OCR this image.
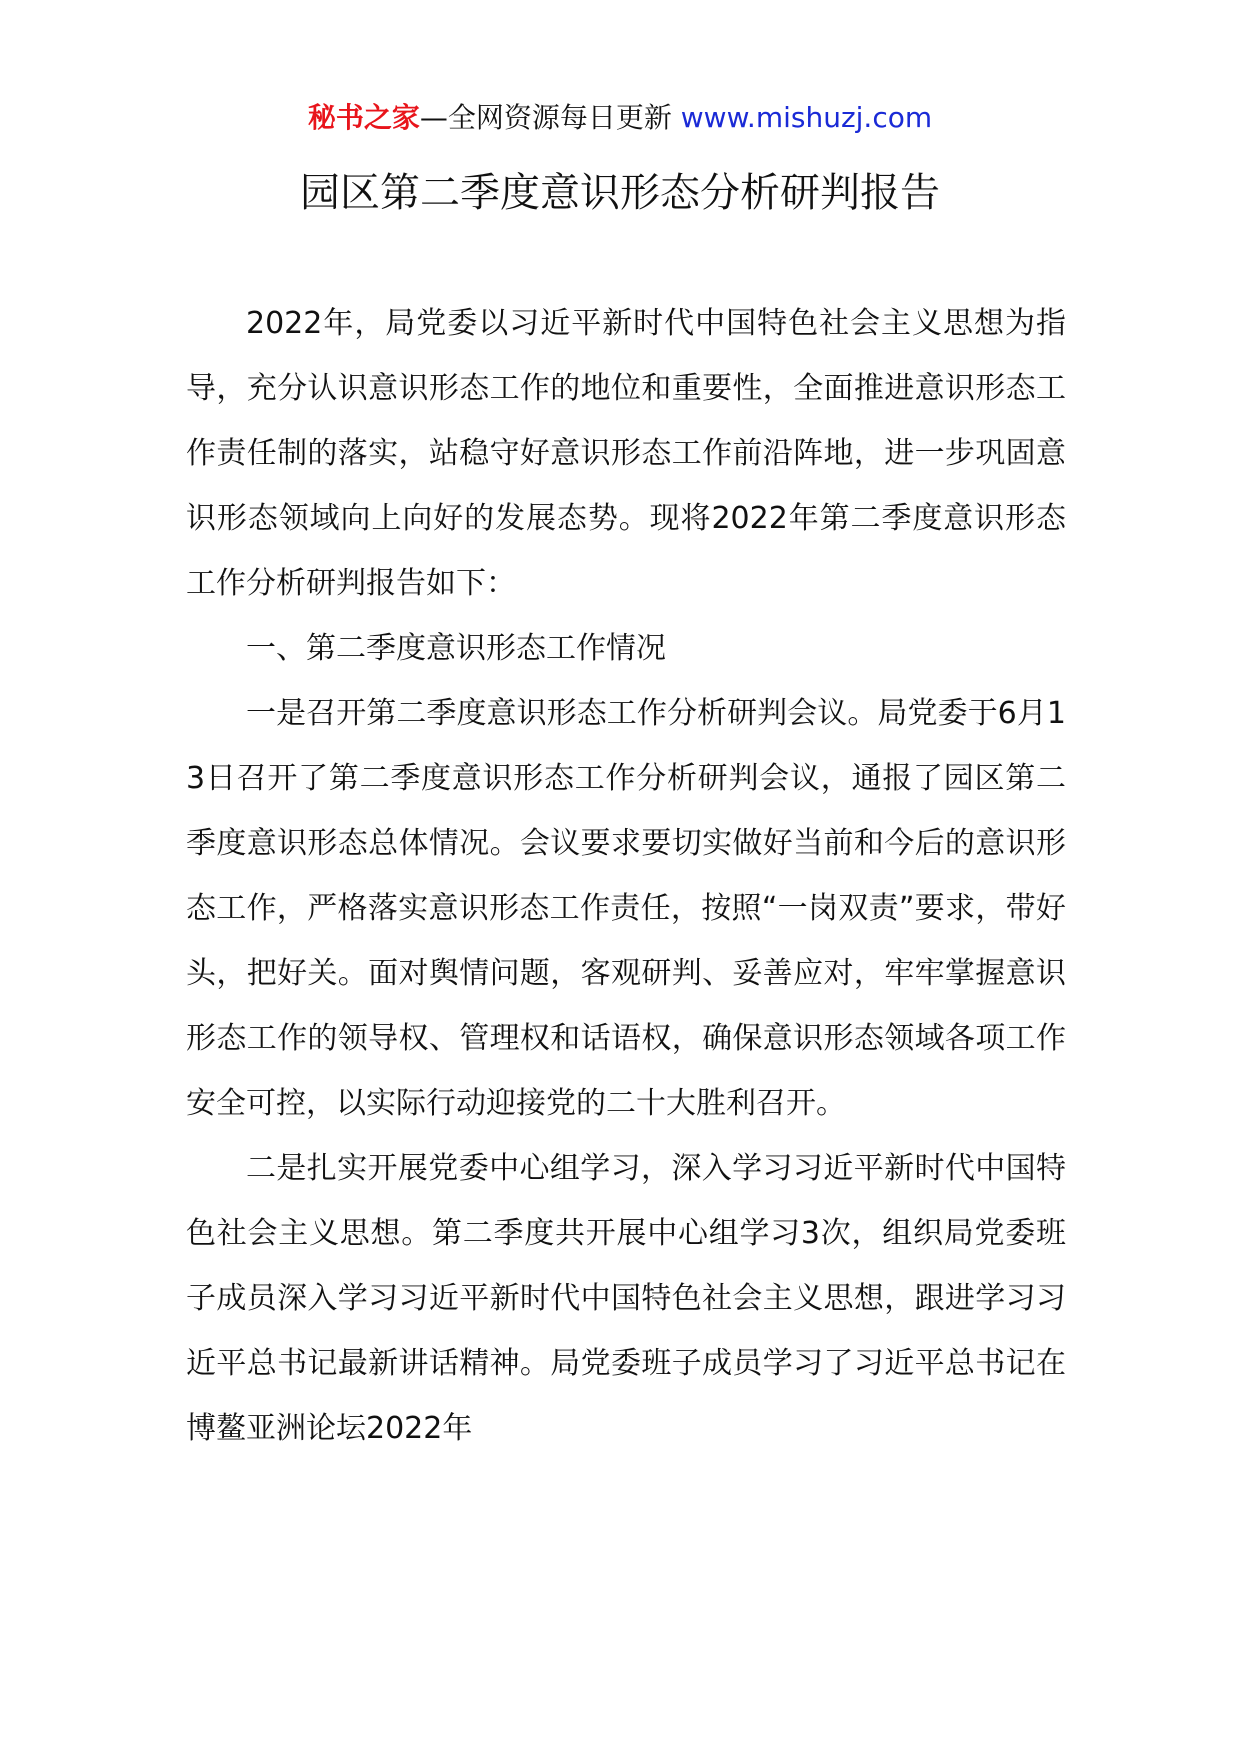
秘书之家—全网资源每日更新 www.mishuzj.com
园区第二季度意识形态分析研判报告

2022年，局党委以习近平新时代中国特色社会主义思想为指导，充分认识意识形态工作的地位和重要性，全面推进意识形态工作责任制的落实，站稳守好意识形态工作前沿阵地，进一步巩固意识形态领域向上向好的发展态势。现将2022年第二季度意识形态工作分析研判报告如下：

一、第二季度意识形态工作情况

一是召开第二季度意识形态工作分析研判会议。局党委于6月13日召开了第二季度意识形态工作分析研判会议，通报了园区第二季度意识形态总体情况。会议要求要切实做好当前和今后的意识形态工作，严格落实意识形态工作责任，按照“一岗双责”要求，带好头，把好关。面对舆情问题，客观研判、妥善应对，牢牢掌握意识形态工作的领导权、管理权和话语权，确保意识形态领域各项工作安全可控，以实际行动迎接党的二十大胜利召开。

二是扎实开展党委中心组学习，深入学习习近平新时代中国特色社会主义思想。第二季度共开展中心组学习3次，组织局党委班子成员深入学习习近平新时代中国特色社会主义思想，跟进学习习近平总书记最新讲话精神。局党委班子成员学习了习近平总书记在博鳌亚洲论坛2022年
